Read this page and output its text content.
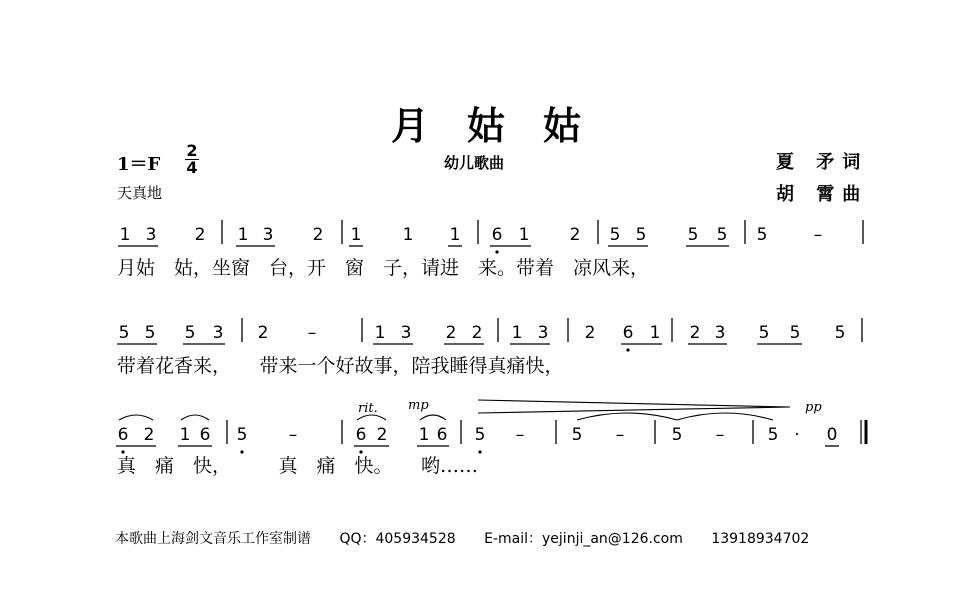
月姑姑
1＝F
2
4	幼儿歌曲	夏 矛词
胡 霄曲
天真地
1 3 2 1 3 2 1 1 1 6 1 2 5 5 5 5 5	–
月姑　姑，坐窗　台，开　窗　子，请进　来。带着　凉风来，
5 5 5 3 2 –	1 3 2 2 1 3 2 6 1 2 3 5 5 5
带着花香来，　　带来一个好故事，陪我睡得真痛快，
6 2 1 6 5 –	6 2 1 6 5 –	5 –	5 –	5 · 0
真　痛　快，　　　真　痛　快。　　哟……
rit. mp	pp
本歌曲上海剑文音乐工作室制谱 QQ：405934528 E-mail：yejinji_an@126.com 13918934702
